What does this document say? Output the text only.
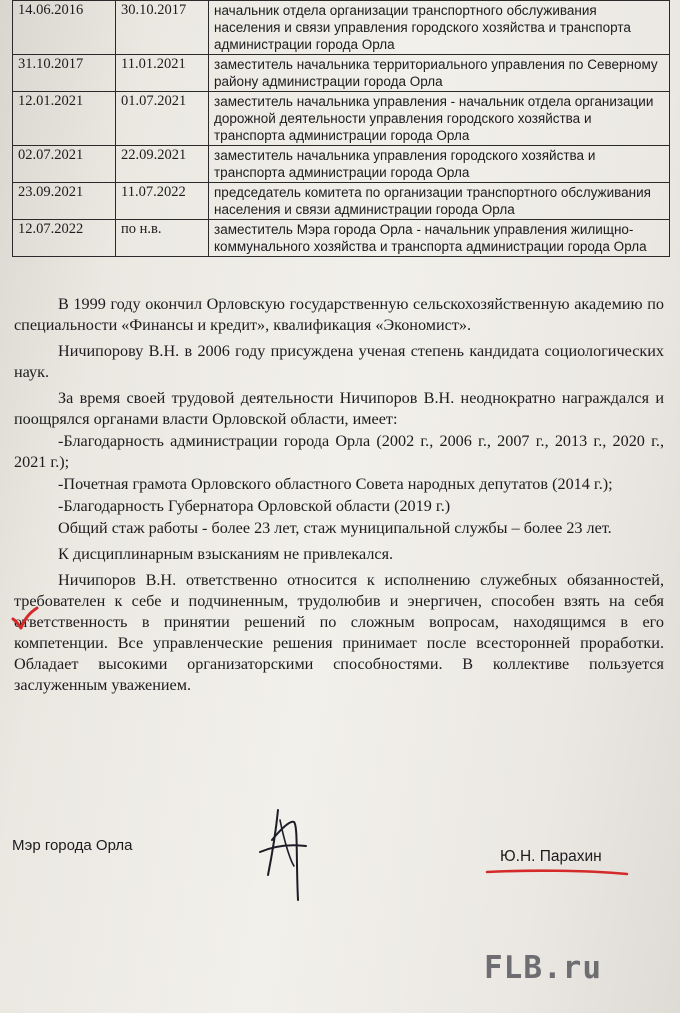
14.06.2016	30.10.2017	начальник отдела организации транспортного обслуживания населения и связи управления городского хозяйства и транспорта администрации города Орла
31.10.2017	11.01.2021	заместитель начальника территориального управления по Северному району администрации города Орла
12.01.2021	01.07.2021	заместитель начальника управления - начальник отдела организации дорожной деятельности управления городского хозяйства и транспорта администрации города Орла
02.07.2021	22.09.2021	заместитель начальника управления городского хозяйства и транспорта администрации города Орла
23.09.2021	11.07.2022	председатель комитета по организации транспортного обслуживания населения и связи администрации города Орла
12.07.2022	по н.в.	заместитель Мэра города Орла - начальник управления жилищно-коммунального хозяйства и транспорта администрации города Орла

В 1999 году окончил Орловскую государственную сельскохозяйственную академию по специальности «Финансы и кредит», квалификация «Экономист».

Ничипорову В.Н. в 2006 году присуждена ученая степень кандидата социологических наук.

За время своей трудовой деятельности Ничипоров В.Н. неоднократно награждался и поощрялся органами власти Орловской области, имеет:

-Благодарность администрации города Орла (2002 г., 2006 г., 2007 г., 2013 г., 2020 г., 2021 г.);

-Почетная грамота Орловского областного Совета народных депутатов (2014 г.);

-Благодарность Губернатора Орловской области (2019 г.)

Общий стаж работы - более 23 лет, стаж муниципальной службы – более 23 лет.

К дисциплинарным взысканиям не привлекался.

Ничипоров В.Н. ответственно относится к исполнению служебных обязанностей, требователен к себе и подчиненным, трудолюбив и энергичен, способен взять на себя ответственность в принятии решений по сложным вопросам, находящимся в его компетенции. Все управленческие решения принимает после всесторонней проработки. Обладает высокими организаторскими способностями. В коллективе пользуется заслуженным уважением.

Мэр города Орла
Ю.Н. Парахин
FLB.ru
